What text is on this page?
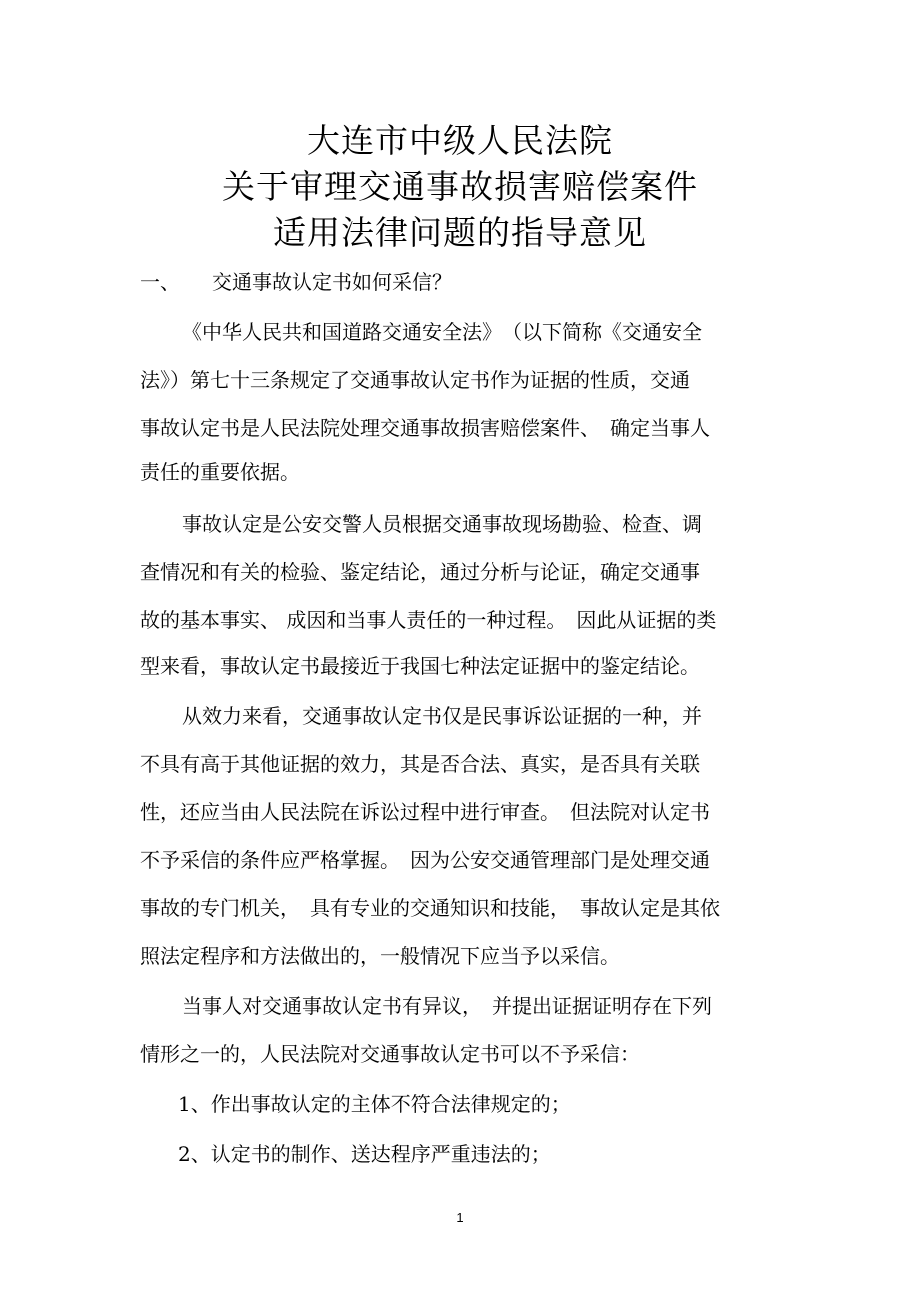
大连市中级人民法院
关于审理交通事故损害赔偿案件
适用法律问题的指导意见
一、 交通事故认定书如何采信？
《中华人民共和国道路交通安全法》　（以下简称《交通安全
法》）第七十三条规定了交通事故认定书作为证据的性质，交通
事故认定书是人民法院处理交通事故损害赔偿案件、　确定当事人
责任的重要依据。
事故认定是公安交警人员根据交通事故现场勘验、检查、调
查情况和有关的检验、鉴定结论，通过分析与论证，确定交通事
故的基本事实、 成因和当事人责任的一种过程。　因此从证据的类
型来看，事故认定书最接近于我国七种法定证据中的鉴定结论。
从效力来看，交通事故认定书仅是民事诉讼证据的一种，并
不具有高于其他证据的效力，其是否合法、真实，是否具有关联
性，还应当由人民法院在诉讼过程中进行审查。　但法院对认定书
不予采信的条件应严格掌握。　因为公安交通管理部门是处理交通
事故的专门机关，　具有专业的交通知识和技能，　事故认定是其依
照法定程序和方法做出的，一般情况下应当予以采信。
当事人对交通事故认定书有异议，　并提出证据证明存在下列
情形之一的，人民法院对交通事故认定书可以不予采信：
1、作出事故认定的主体不符合法律规定的；
2、认定书的制作、送达程序严重违法的；
1
